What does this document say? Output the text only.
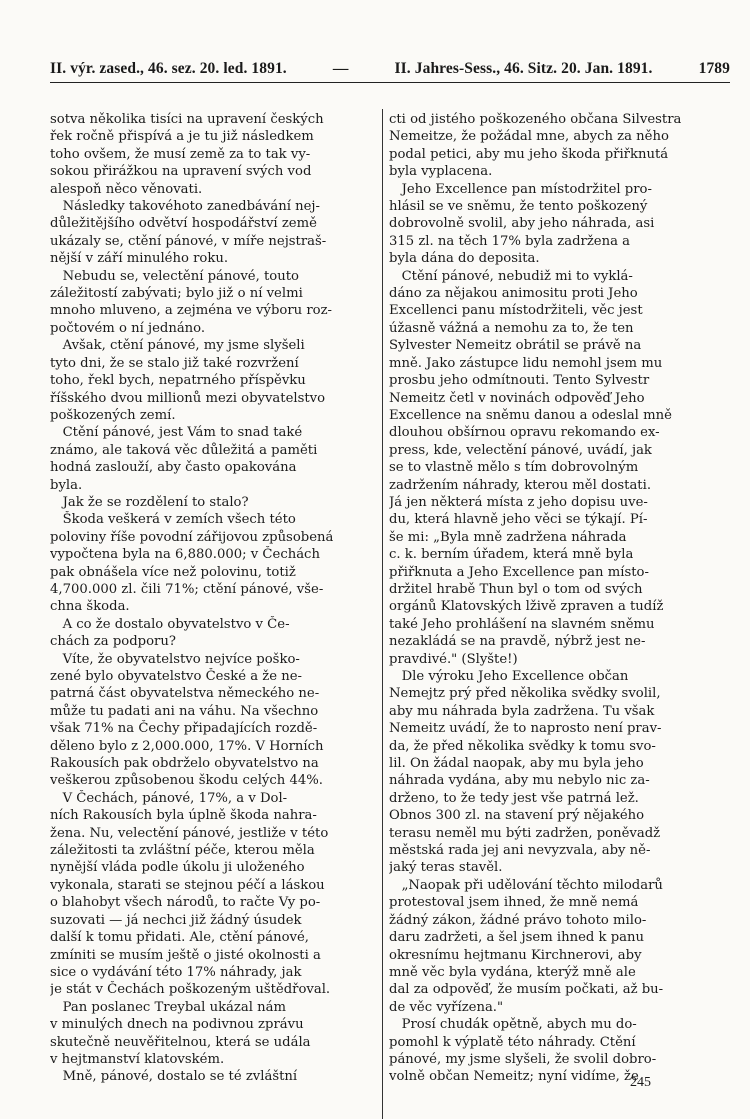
II. výr. zased., 46. sez. 20. led. 1891.	—	II. Jahres-Sess., 46. Sitz. 20. Jan. 1891.	1789
sotva několika tisíci na upravení českých
řek ročně přispívá a je tu již následkem
toho ovšem, že musí země za to tak vy-
sokou přirážkou na upravení svých vod
alespoň něco věnovati.
Následky takovéhoto zanedbávání nej-
důležitějšího odvětví hospodářství země
ukázaly se, ctění pánové, v míře nejstraš-
nější v září minulého roku.
Nebudu se, velectění pánové, touto
záležitostí zabývati; bylo již o ní velmi
mnoho mluveno, a zejména ve výboru roz-
počtovém o ní jednáno.
Avšak, ctění pánové, my jsme slyšeli
tyto dni, že se stalo již také rozvržení
toho, řekl bych, nepatrného příspěvku
říšského dvou millionů mezi obyvatelstvo
poškozených zemí.
Ctění pánové, jest Vám to snad také
známo, ale taková věc důležitá a paměti
hodná zaslouží, aby často opakována
byla.
Jak že se rozdělení to stalo?
Škoda veškerá v zemích všech této
poloviny říše povodní zářijovou způsobená
vypočtena byla na 6,880.000; v Čechách
pak obnášela více než polovinu, totiž
4,700.000 zl. čili 71%; ctění pánové, vše-
chna škoda.
A co že dostalo obyvatelstvo v Če-
chách za podporu?
Víte, že obyvatelstvo nejvíce poško-
zené bylo obyvatelstvo České a že ne-
patrná část obyvatelstva německého ne-
může tu padati ani na váhu. Na všechno
však 71% na Čechy připadajících rozdě-
děleno bylo z 2,000.000, 17%. V Horních
Rakousích pak obdrželo obyvatelstvo na
veškerou způsobenou škodu celých 44%.
V Čechách, pánové, 17%, a v Dol-
ních Rakousích byla úplně škoda nahra-
žena. Nu, velectění pánové, jestliže v této
záležitosti ta zvláštní péče, kterou měla
nynější vláda podle úkolu ji uloženého
vykonala, starati se stejnou péčí a láskou
o blahobyt všech národů, to račte Vy po-
suzovati — já nechci již žádný úsudek
další k tomu přidati. Ale, ctění pánové,
zmíniti se musím ještě o jisté okolnosti a
sice o vydávání této 17% náhrady, jak
je stát v Čechách poškozeným uštědřoval.
Pan poslanec Treybal ukázal nám
v minulých dnech na podivnou zprávu
skutečně neuvěřitelnou, která se udála
v hejtmanství klatovském.
Mně, pánové, dostalo se té zvláštní
cti od jistého poškozeného občana Silvestra
Nemeitze, že požádal mne, abych za něho
podal petici, aby mu jeho škoda přiřknutá
byla vyplacena.
Jeho Excellence pan místodržitel pro-
hlásil se ve sněmu, že tento poškozený
dobrovolně svolil, aby jeho náhrada, asi
315 zl. na těch 17% byla zadržena a
byla dána do deposita.
Ctění pánové, nebudiž mi to vyklá-
dáno za nějakou animositu proti Jeho
Excellenci panu místodržiteli, věc jest
úžasně vážná a nemohu za to, že ten
Sylvester Nemeitz obrátil se právě na
mně. Jako zástupce lidu nemohl jsem mu
prosbu jeho odmítnouti. Tento Sylvestr
Nemeitz četl v novinách odpověď Jeho
Excellence na sněmu danou a odeslal mně
dlouhou obšírnou opravu rekomando ex-
press, kde, velectění pánové, uvádí, jak
se to vlastně mělo s tím dobrovolným
zadržením náhrady, kterou měl dostati.
Já jen některá místa z jeho dopisu uve-
du, která hlavně jeho věci se týkají. Pí-
še mi: „Byla mně zadržena náhrada
c. k. berním úřadem, která mně byla
přiřknuta a Jeho Excellence pan místo-
držitel hrabě Thun byl o tom od svých
orgánů Klatovských lživě zpraven a tudíž
také Jeho prohlášení na slavném sněmu
nezakládá se na pravdě, nýbrž jest ne-
pravdivé." (Slyšte!)
Dle výroku Jeho Excellence občan
Nemejtz prý před několika svědky svolil,
aby mu náhrada byla zadržena. Tu však
Nemeitz uvádí, že to naprosto není prav-
da, že před několika svědky k tomu svo-
lil. On žádal naopak, aby mu byla jeho
náhrada vydána, aby mu nebylo nic za-
drženo, to že tedy jest vše patrná lež.
Obnos 300 zl. na stavení prý nějakého
terasu neměl mu býti zadržen, poněvadž
městská rada jej ani nevyzvala, aby ně-
jaký teras stavěl.
„Naopak při udělování těchto milodarů
protestoval jsem ihned, že mně nemá
žádný zákon, žádné právo tohoto milo-
daru zadržeti, a šel jsem ihned k panu
okresnímu hejtmanu Kirchnerovi, aby
mně věc byla vydána, kterýž mně ale
dal za odpověď, že musím počkati, až bu-
de věc vyřízena."
Prosí chudák opětně, abych mu do-
pomohl k výplatě této náhrady. Ctění
pánové, my jsme slyšeli, že svolil dobro-
volně občan Nemeitz; nyní vidíme, že
245
